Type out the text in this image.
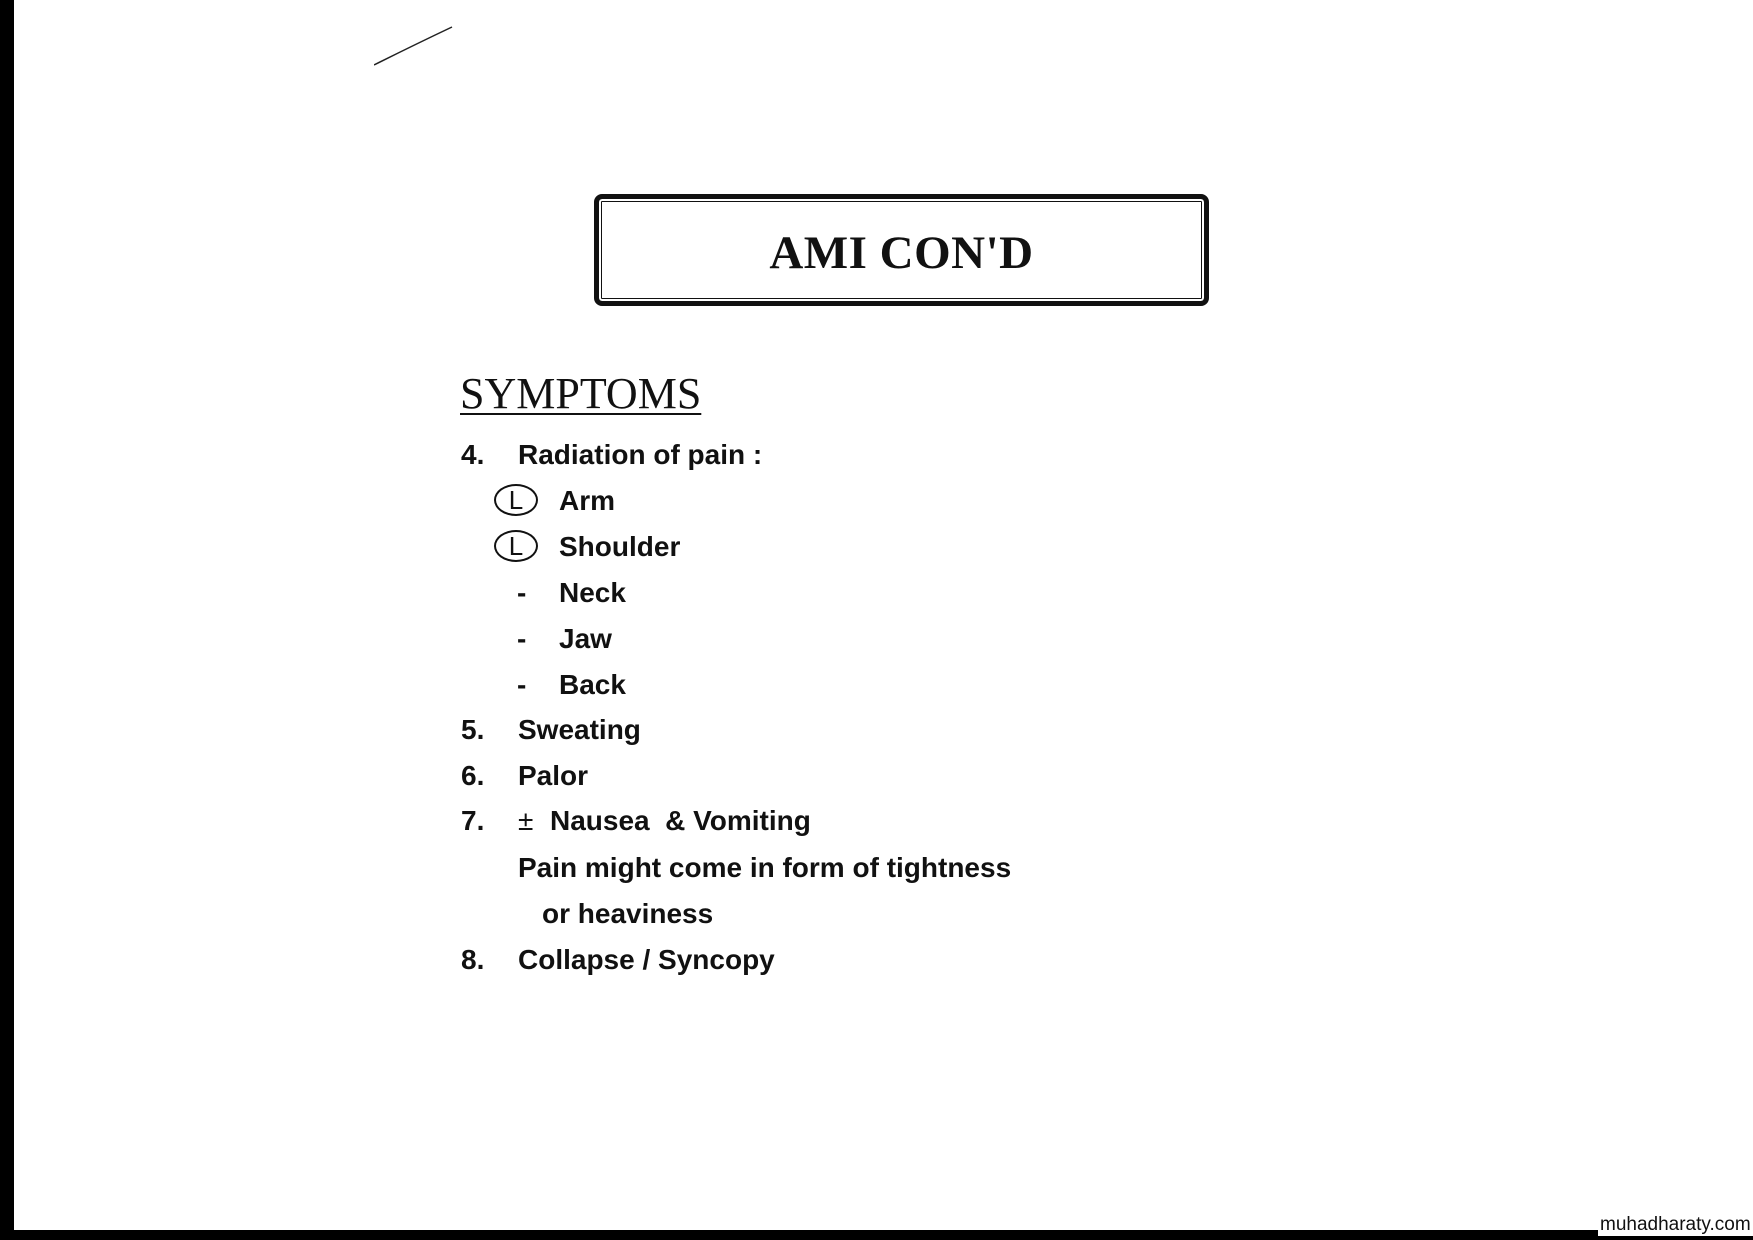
AMI CON'D
SYMPTOMS
4. Radiation of pain :
L	Arm
L	Shoulder
- Neck
- Jaw
- Back
5. Sweating
6. Palor
7. ± Nausea  & Vomiting
Pain might come in form of tightness
or heaviness
8. Collapse / Syncopy
muhadharaty.com
